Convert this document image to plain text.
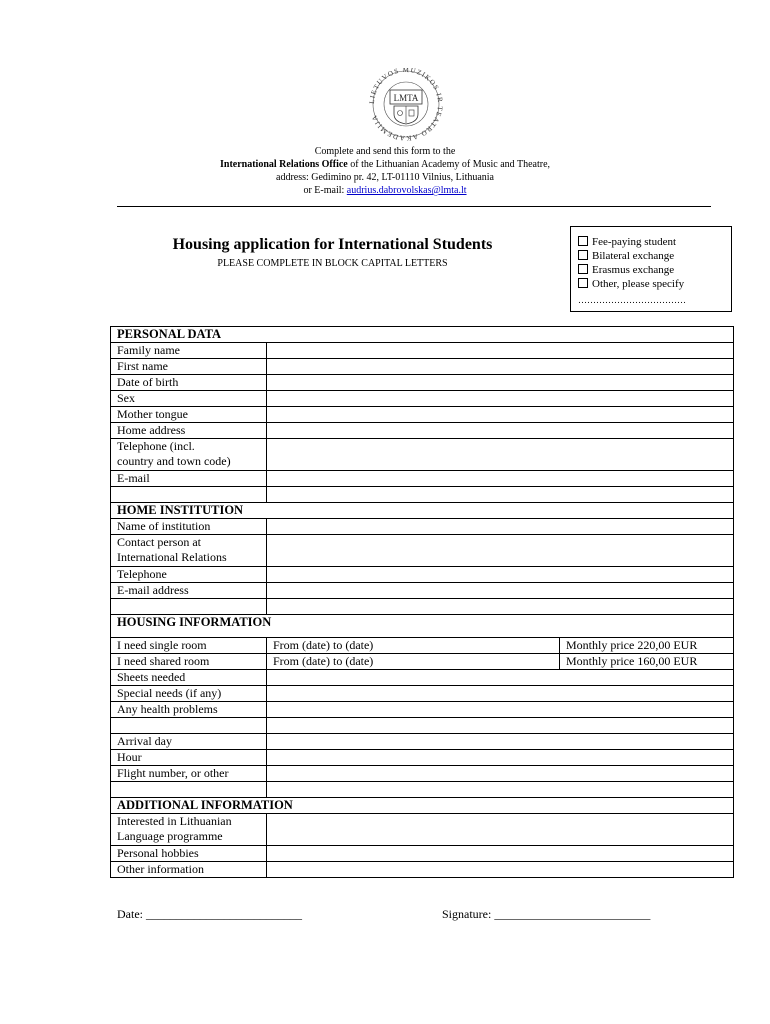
LMTA
LIETUVOS MUZIKOS IR TEATRO AKADEMIJA
Complete and send this form to the
International Relations Office of the Lithuanian Academy of Music and Theatre,
address: Gedimino pr. 42, LT-01110 Vilnius, Lithuania
or E-mail: audrius.dabrovolskas@lmta.lt
Housing application for International Students
PLEASE COMPLETE IN BLOCK CAPITAL LETTERS
Fee-paying student
Bilateral exchange
Erasmus exchange
Other, please specify
………………………………
PERSONAL DATA		
Family name		
First name		
Date of birth		
Sex		
Mother tongue		
Home address		

Telephone (incl.
country and town code)		

E-mail		

HOME INSTITUTION		
Name of institution		

Contact person at
International Relations		

Telephone		
E-mail address		

HOUSING INFORMATION		
I need single room	From (date) to (date)	Monthly price 220,00 EUR
I need shared room	From (date) to (date)	Monthly price 160,00 EUR
Sheets needed		
Special needs (if any)		
Any health problems		

Arrival day		
Hour		
Flight number, or other		

ADDITIONAL INFORMATION		

Interested in Lithuanian
Language programme		

Personal hobbies		
Other information		
Date: __________________________	Signature: __________________________
